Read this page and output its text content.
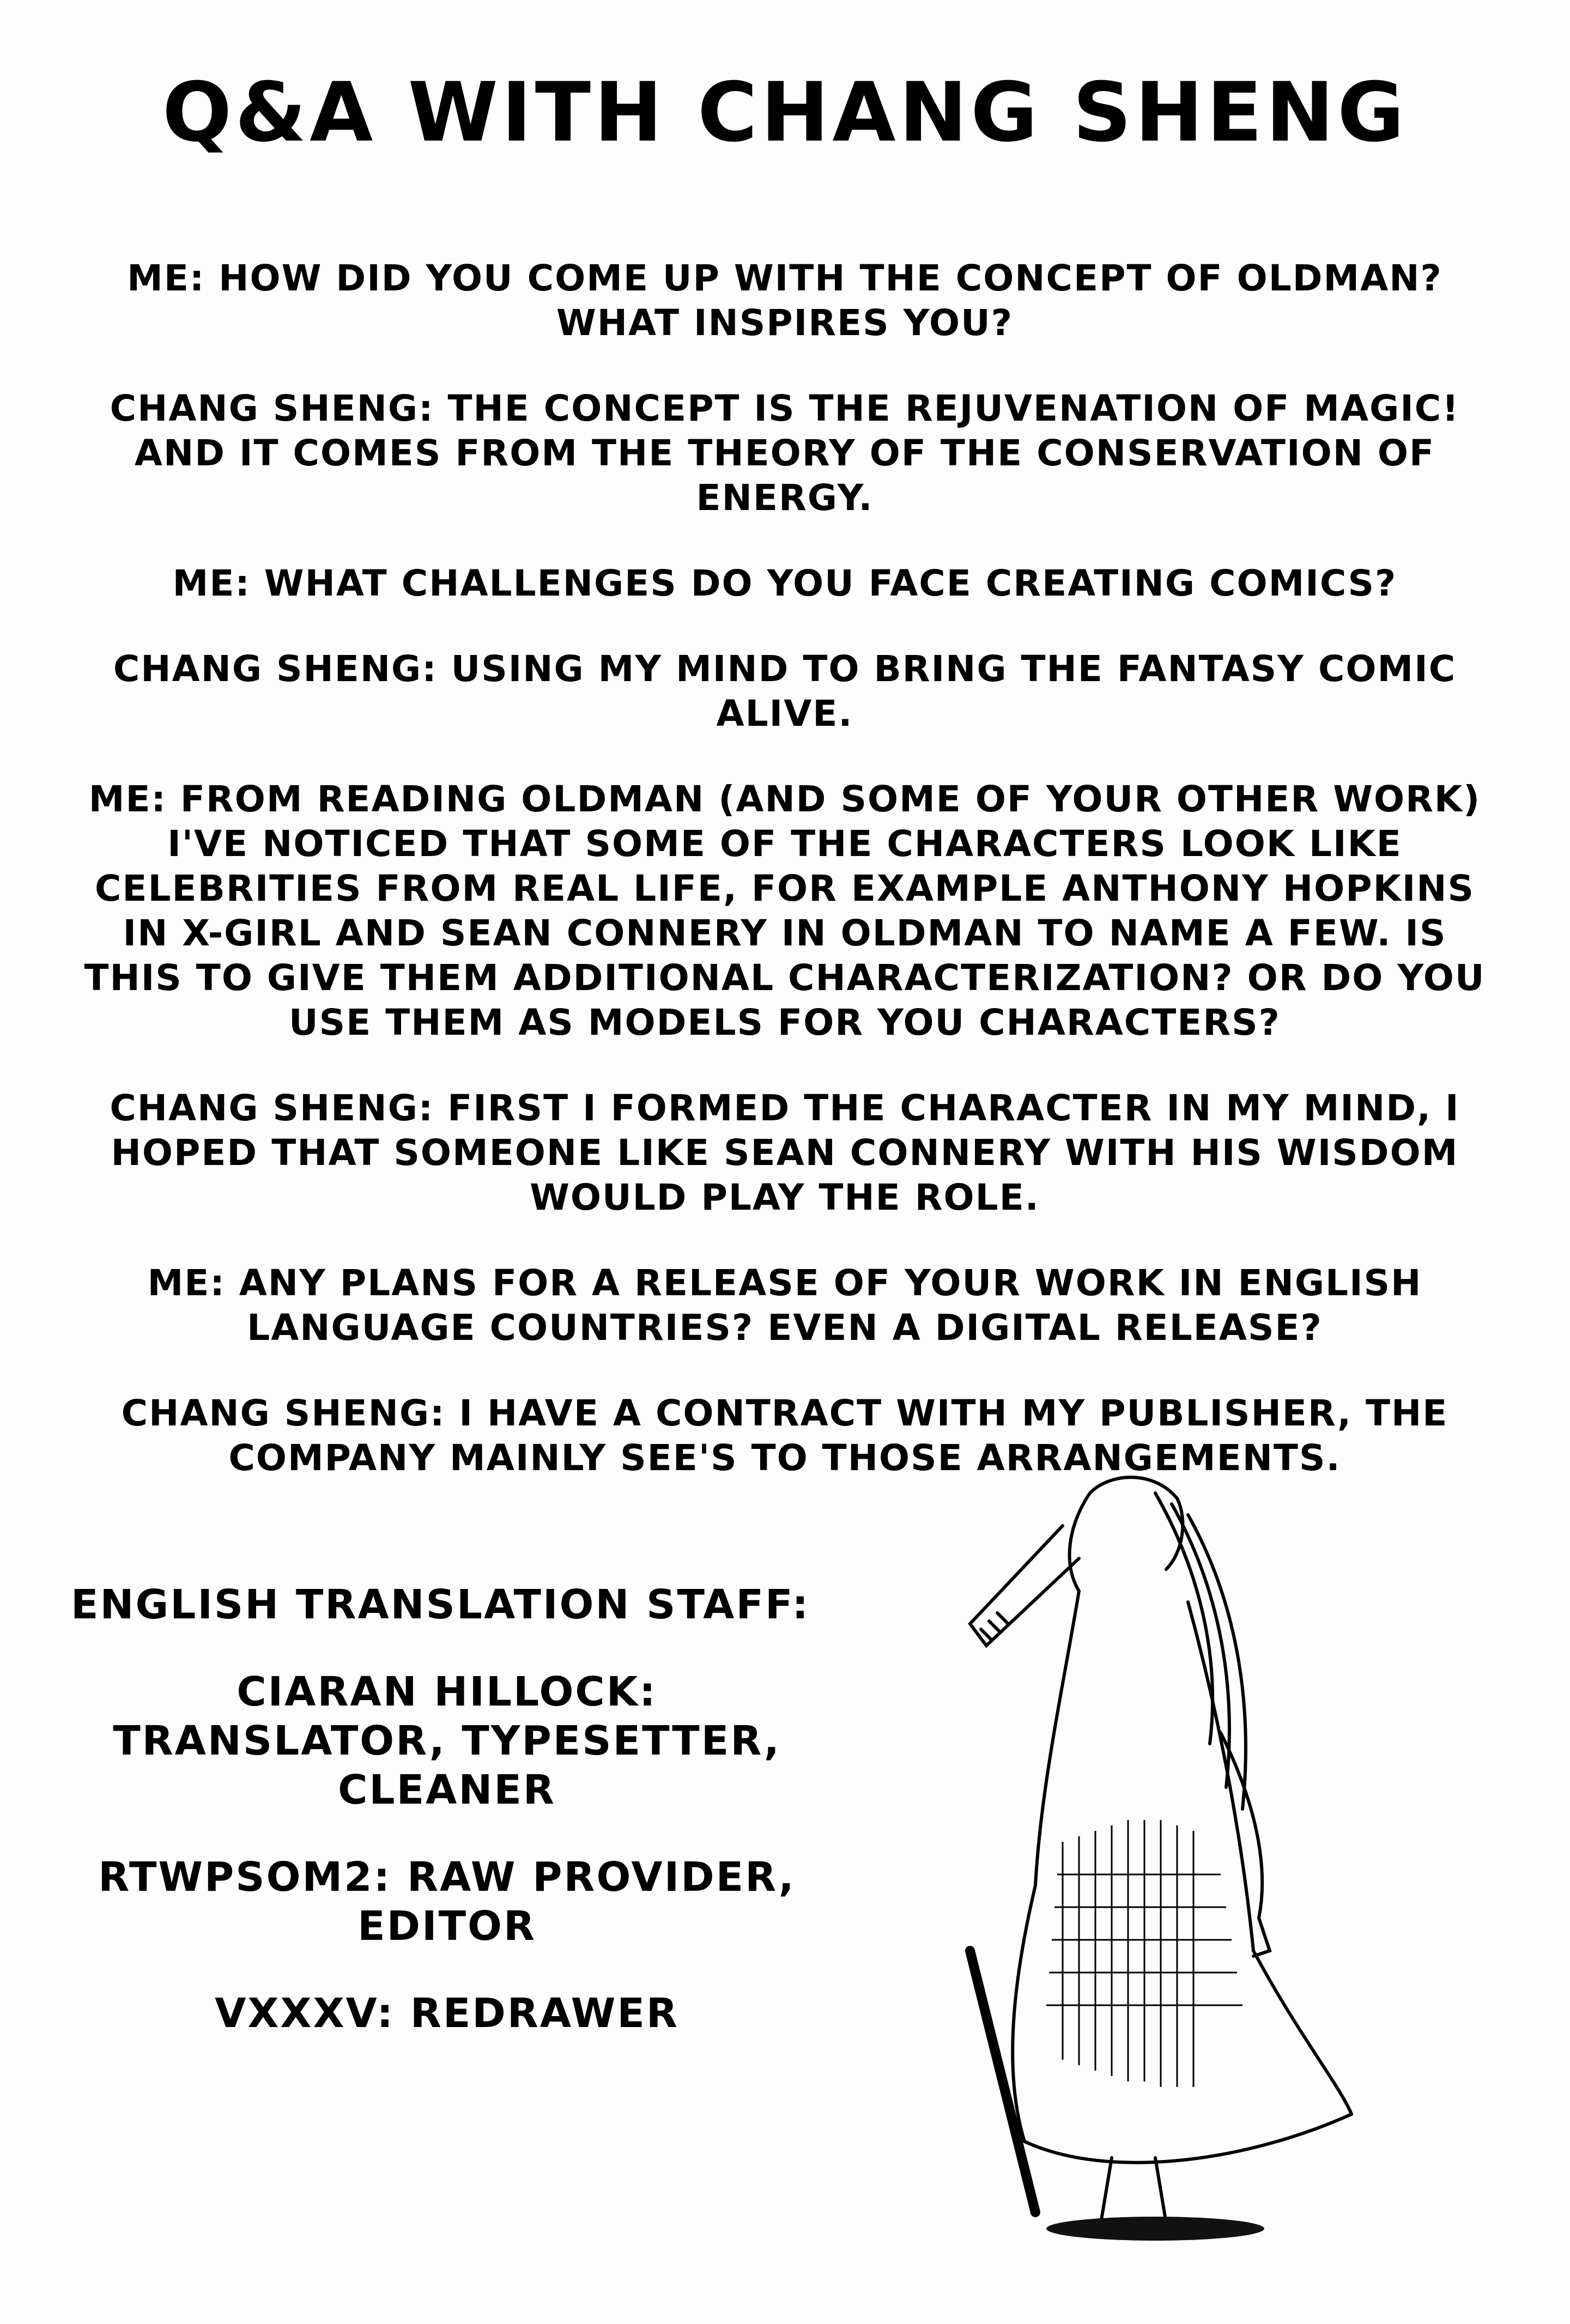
Q&A WITH CHANG SHENG

ME: HOW DID YOU COME UP WITH THE CONCEPT OF OLDMAN? WHAT INSPIRES YOU?

CHANG SHENG: THE CONCEPT IS THE REJUVENATION OF MAGIC! AND IT COMES FROM THE THEORY OF THE CONSERVATION OF ENERGY.

ME: WHAT CHALLENGES DO YOU FACE CREATING COMICS?

CHANG SHENG: USING MY MIND TO BRING THE FANTASY COMIC ALIVE.

ME: FROM READING OLDMAN (AND SOME OF YOUR OTHER WORK) I'VE NOTICED THAT SOME OF THE CHARACTERS LOOK LIKE CELEBRITIES FROM REAL LIFE, FOR EXAMPLE ANTHONY HOPKINS IN X-GIRL AND SEAN CONNERY IN OLDMAN TO NAME A FEW. IS THIS TO GIVE THEM ADDITIONAL CHARACTERIZATION? OR DO YOU USE THEM AS MODELS FOR YOU CHARACTERS?

CHANG SHENG: FIRST I FORMED THE CHARACTER IN MY MIND, I HOPED THAT SOMEONE LIKE SEAN CONNERY WITH HIS WISDOM WOULD PLAY THE ROLE.

ME: ANY PLANS FOR A RELEASE OF YOUR WORK IN ENGLISH LANGUAGE COUNTRIES? EVEN A DIGITAL RELEASE?

CHANG SHENG: I HAVE A CONTRACT WITH MY PUBLISHER, THE COMPANY MAINLY SEE'S TO THOSE ARRANGEMENTS.

ENGLISH TRANSLATION STAFF:
CIARAN HILLOCK: TRANSLATOR, TYPESETTER, CLEANER
RTWPSOM2: RAW PROVIDER, EDITOR
VXXXV: REDRAWER
